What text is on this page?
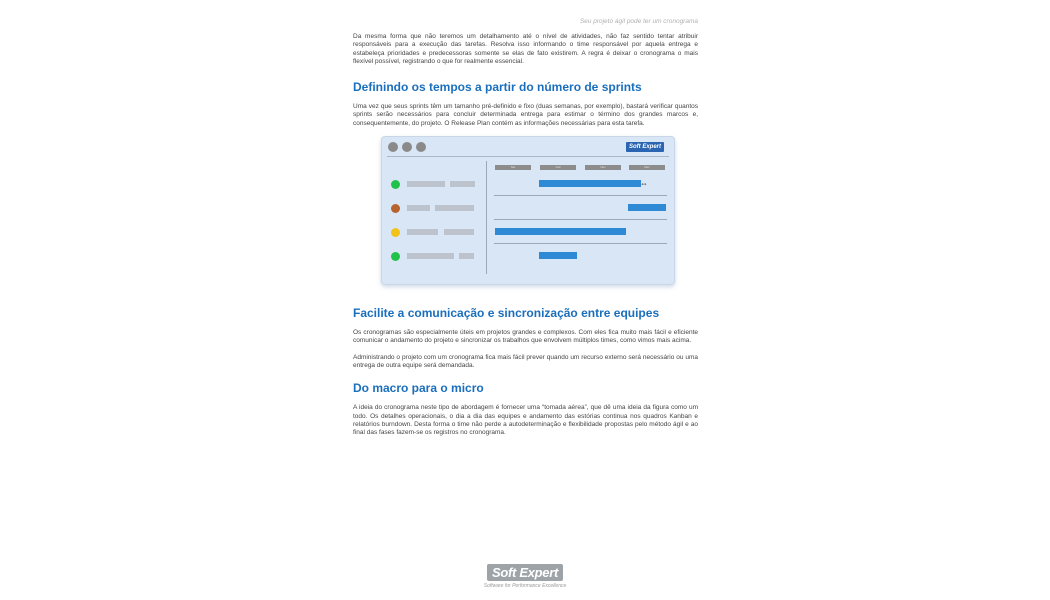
Seu projeto ágil pode ter um cronograma

Da mesma forma que não teremos um detalhamento até o nível de atividades, não faz sentido tentar atribuir responsáveis para a execução das tarefas. Resolva isso informando o time responsável por aquela entrega e estabeleça prioridades e predecessoras somente se elas de fato existirem. A regra é deixar o cronograma o mais flexível possível, registrando o que for realmente essencial.

Definindo os tempos a partir do número de sprints

Uma vez que seus sprints têm um tamanho pré-definido e fixo (duas semanas, por exemplo), bastará verificar quantos sprints serão necessários para concluir determinada entrega para estimar o término dos grandes marcos e, consequentemente, do projeto. O Release Plan contém as informações necessárias para esta tarefa.

Soft Expert
Set	Out	Nov	Dez
⇔
Facilite a comunicação e sincronização entre equipes

Os cronogramas são especialmente úteis em projetos grandes e complexos. Com eles fica muito mais fácil e eficiente comunicar o andamento do projeto e sincronizar os trabalhos que envolvem múltiplos times, como vimos mais acima.

Administrando o projeto com um cronograma fica mais fácil prever quando um recurso externo será necessário ou uma entrega de outra equipe será demandada.

Do macro para o micro

A ideia do cronograma neste tipo de abordagem é fornecer uma “tomada aérea”, que dê uma ideia da figura como um todo. Os detalhes operacionais, o dia a dia das equipes e andamento das estórias continua nos quadros Kanban e relatórios burndown. Desta forma o time não perde a autodeterminação e flexibilidade propostas pelo método ágil e ao final das fases fazem-se os registros no cronograma.

Soft Expert
Software for Performance Excellence
